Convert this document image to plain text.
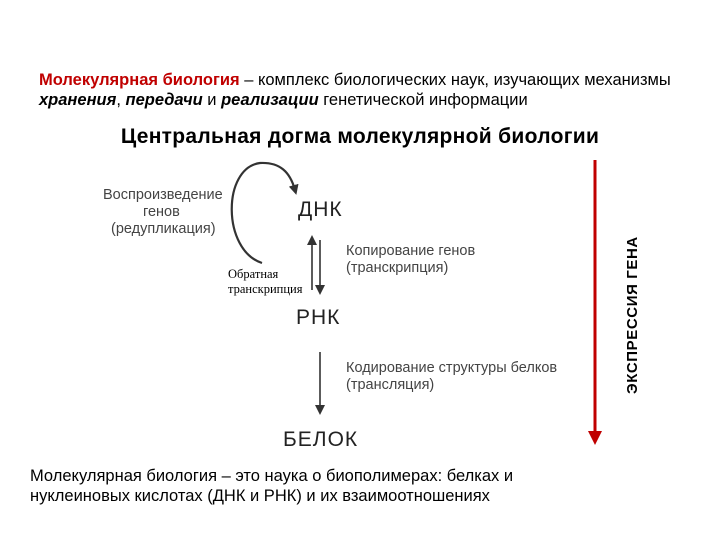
Молекулярная биология – комплекс биологических наук, изучающих механизмы хранения, передачи и реализации генетической информации

Центральная догма молекулярной биологии
Воспроизведение
генов
(редупликация)
ДНК
Копирование генов
(транскрипция)
Обратная
транскрипция
РНК
Кодирование структуры белков
(трансляция)
БЕЛОК
ЭКСПРЕССИЯ ГЕНА

Молекулярная биология – это наука о биополимерах: белках и нуклеиновых кислотах (ДНК и РНК) и их взаимоотношениях
